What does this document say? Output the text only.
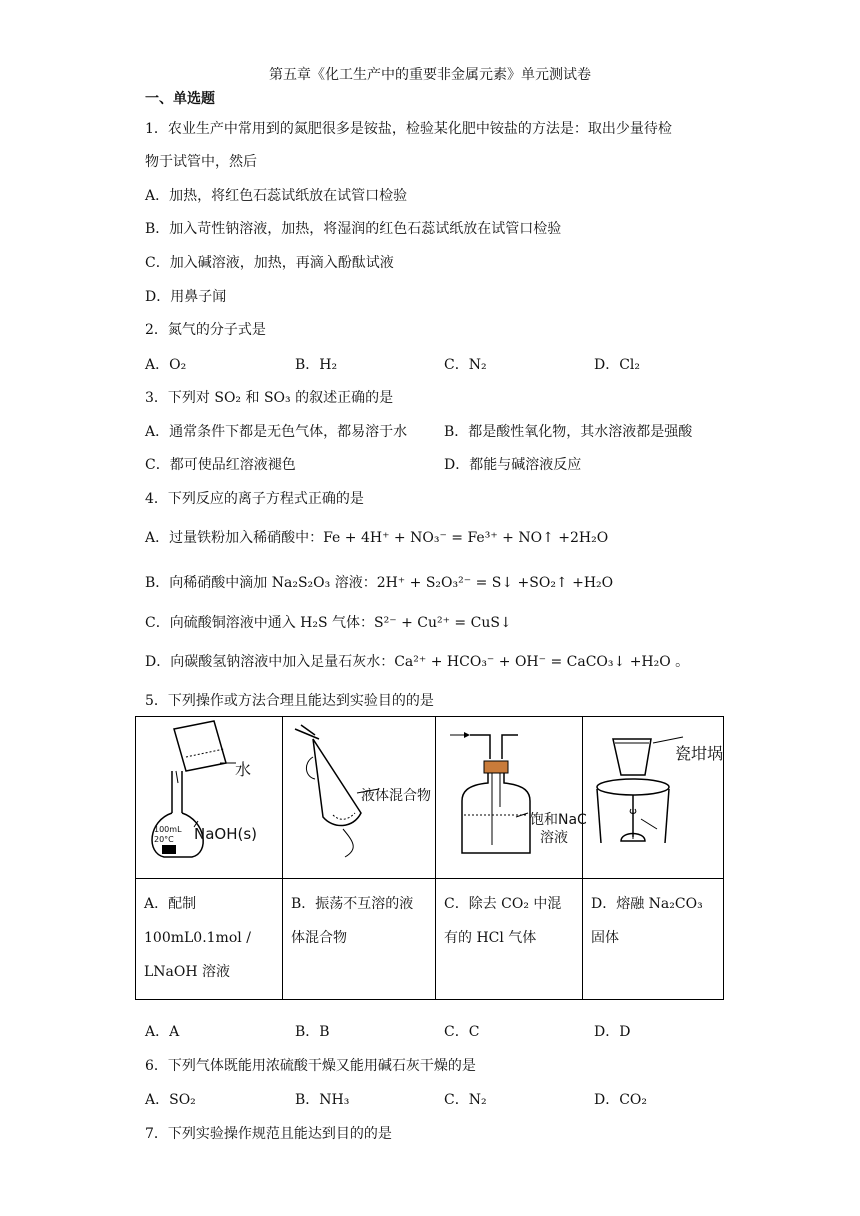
第五章《化工生产中的重要非金属元素》单元测试卷
一、单选题
1．农业生产中常用到的氮肥很多是铵盐，检验某化肥中铵盐的方法是：取出少量待检
物于试管中，然后
A．加热，将红色石蕊试纸放在试管口检验
B．加入苛性钠溶液，加热，将湿润的红色石蕊试纸放在试管口检验
C．加入碱溶液，加热，再滴入酚酞试液
D．用鼻子闻
2．氮气的分子式是
A．O₂	B．H₂	C．N₂	D．Cl₂
3．下列对 SO₂ 和 SO₃ 的叙述正确的是
A．通常条件下都是无色气体，都易溶于水	B．都是酸性氧化物，其水溶液都是强酸
C．都可使品红溶液褪色	D．都能与碱溶液反应
4．下列反应的离子方程式正确的是
A．过量铁粉加入稀硝酸中：Fe + 4H⁺ + NO₃⁻ = Fe³⁺ + NO↑ +2H₂O
B．向稀硝酸中滴加 Na₂S₂O₃ 溶液：2H⁺ + S₂O₃²⁻ = S↓ +SO₂↑ +H₂O
C．向硫酸铜溶液中通入 H₂S 气体：S²⁻ + Cu²⁺ = CuS↓
D．向碳酸氢钠溶液中加入足量石灰水：Ca²⁺ + HCO₃⁻ + OH⁻ = CaCO₃↓ +H₂O 。
5．下列操作或方法合理且能达到实验目的的是
水
100mL 20°C NaOH(s)	液体混合物	饱和NaC
溶液	瓷坩埚

A．配制 100mL0.1mol / LNaOH 溶液	B．振荡不互溶的液体混合物	C．除去 CO₂ 中混有的 HCl 气体	D．熔融 Na₂CO₃ 固体
A．A	B．B	C．C	D．D
6．下列气体既能用浓硫酸干燥又能用碱石灰干燥的是
A．SO₂	B．NH₃	C．N₂	D．CO₂
7．下列实验操作规范且能达到目的的是
